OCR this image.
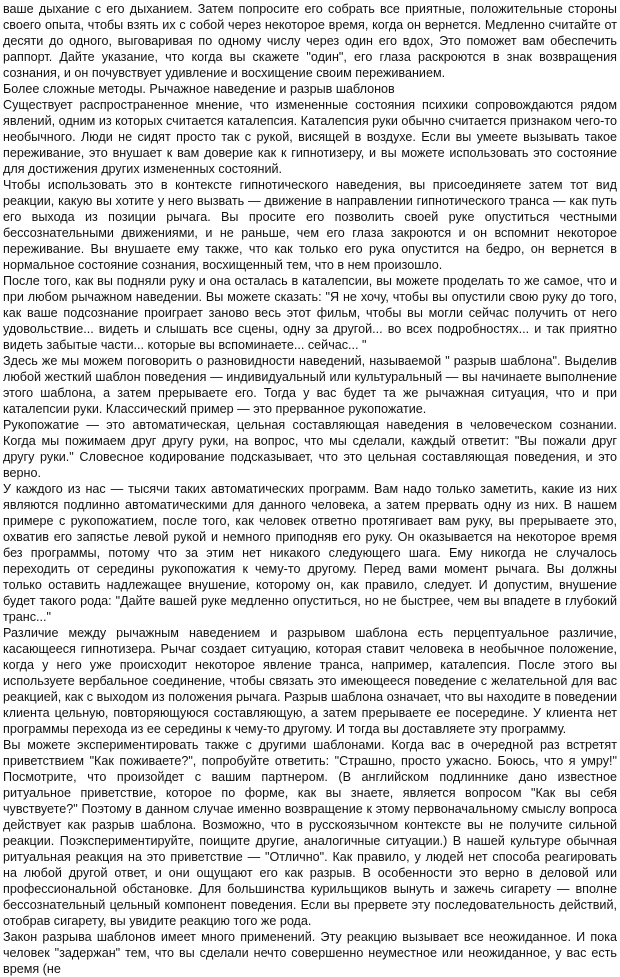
ваше дыхание с его дыханием. Затем попросите его собрать все приятные, положительные стороны своего опыта, чтобы взять их с собой через некоторое время, когда он вернется. Медленно считайте от десяти до одного, выговаривая по одному числу через один его вдох, Это поможет вам обеспечить раппорт. Дайте указание, что когда вы скажете "один", его глаза раскроются в знак возвращения сознания, и он почувствует удивление и восхищение своим переживанием.

Более сложные методы. Рычажное наведение и разрыв шаблонов

Существует распространенное мнение, что измененные состояния психики сопровождаются рядом явлений, одним из которых считается каталепсия. Каталепсия руки обычно считается признаком чего-то необычного. Люди не сидят просто так с рукой, висящей в воздухе. Если вы умеете вызывать такое переживание, это внушает к вам доверие как к гипнотизеру, и вы можете использовать это состояние для достижения других измененных состояний.

Чтобы использовать это в контексте гипнотического наведения, вы присоединяете затем тот вид реакции, какую вы хотите у него вызвать — движение в направлении гипнотического транса — как путь его выхода из позиции рычага. Вы просите его позволить своей руке опуститься честными бессознательными движениями, и не раньше, чем его глаза закроются и он вспомнит некоторое переживание. Вы внушаете ему также, что как только его рука опустится на бедро, он вернется в нормальное состояние сознания, восхищенный тем, что в нем произошло.

После того, как вы подняли руку и она осталась в каталепсии, вы можете проделать то же самое, что и при любом рычажном наведении. Вы можете сказать: "Я не хочу, чтобы вы опустили свою руку до того, как ваше подсознание проиграет заново весь этот фильм, чтобы вы могли сейчас получить от него удовольствие... видеть и слышать все сцены, одну за другой... во всех подробностях... и так приятно видеть забытые части... которые вы вспоминаете... сейчас... "

Здесь же мы можем поговорить о разновидности наведений, называемой " разрыв шаблона". Выделив любой жесткий шаблон поведения — индивидуальный или культуральный — вы начинаете выполнение этого шаблона, а затем прерываете его. Тогда у вас будет та же рычажная ситуация, что и при каталепсии руки. Классический пример — это прерванное рукопожатие.

Рукопожатие — это автоматическая, цельная составляющая наведения в человеческом сознании. Когда мы пожимаем друг другу руки, на вопрос, что мы сделали, каждый ответит: "Вы пожали друг другу руки." Словесное кодирование подсказывает, что это цельная составляющая поведения, и это верно.

У каждого из нас — тысячи таких автоматических программ. Вам надо только заметить, какие из них являются подлинно автоматическими для данного человека, а затем прервать одну из них. В нашем примере с рукопожатием, после того, как человек ответно протягивает вам руку, вы прерываете это, охватив его запястье левой рукой и немного приподняв его руку. Он оказывается на некоторое время без программы, потому что за этим нет никакого следующего шага. Ему никогда не случалось переходить от середины рукопожатия к чему-то другому. Перед вами момент рычага. Вы должны только оставить надлежащее внушение, которому он, как правило, следует. И допустим, внушение будет такого рода: "Дайте вашей руке медленно опуститься, но не быстрее, чем вы впадете в глубокий транс..."

Различие между рычажным наведением и разрывом шаблона есть перцептуальное различие, касающееся гипнотизера. Рычаг создает ситуацию, которая ставит человека в необычное положение, когда у него уже происходит некоторое явление транса, например, каталепсия. После этого вы используете вербальное соединение, чтобы связать это имеющееся поведение с желательной для вас реакцией, как с выходом из положения рычага. Разрыв шаблона означает, что вы находите в поведении клиента цельную, повторяющуюся составляющую, а затем прерываете ее посередине. У клиента нет программы перехода из ее середины к чему-то другому. И тогда вы доставляете эту программу.

Вы можете экспериментировать также с другими шаблонами. Когда вас в очередной раз встретят приветствием "Как поживаете?", попробуйте ответить: "Страшно, просто ужасно. Боюсь, что я умру!" Посмотрите, что произойдет с вашим партнером. (В английском подлиннике дано известное ритуальное приветствие, которое по форме, как вы знаете, является вопросом "Как вы себя чувствуете?" Поэтому в данном случае именно возвращение к этому первоначальному смыслу вопроса действует как разрыв шаблона. Возможно, что в русскоязычном контексте вы не получите сильной реакции. Поэкспериментируйте, поищите другие, аналогичные ситуации.) В нашей культуре обычная ритуальная реакция на это приветствие — "Отлично". Как правило, у людей нет способа реагировать на любой другой ответ, и они ощущают его как разрыв. В особенности это верно в деловой или профессиональной обстановке. Для большинства курильщиков вынуть и зажечь сигарету — вполне бессознательный цельный компонент поведения. Если вы прервете эту последовательность действий, отобрав сигарету, вы увидите реакцию того же рода.

Закон разрыва шаблонов имеет много применений. Эту реакцию вызывает все неожиданное. И пока человек "задержан" тем, что вы сделали нечто совершенно неуместное или неожиданное, у вас есть время (не
